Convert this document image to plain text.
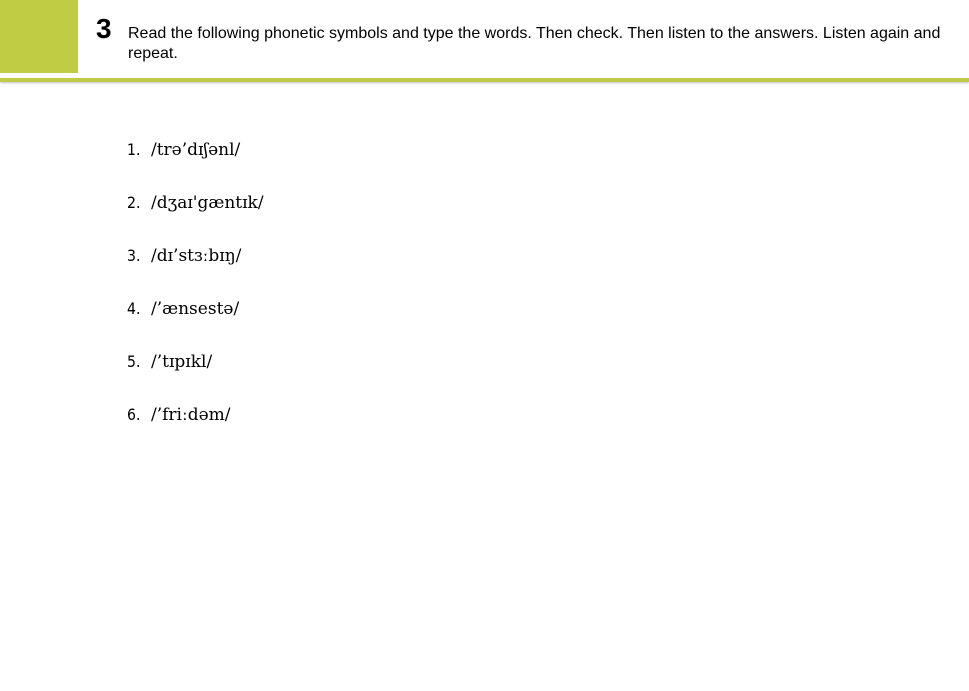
3 Read the following phonetic symbols and type the words. Then check. Then listen to the answers. Listen again and repeat.
1. /trə’dɪʃənl/
2. /dʒaɪ'gæntɪk/
3. /dɪ’stɜːbɪŋ/
4. /’ænsestə/
5. /’tɪpɪkl/
6. /’friːdəm/
